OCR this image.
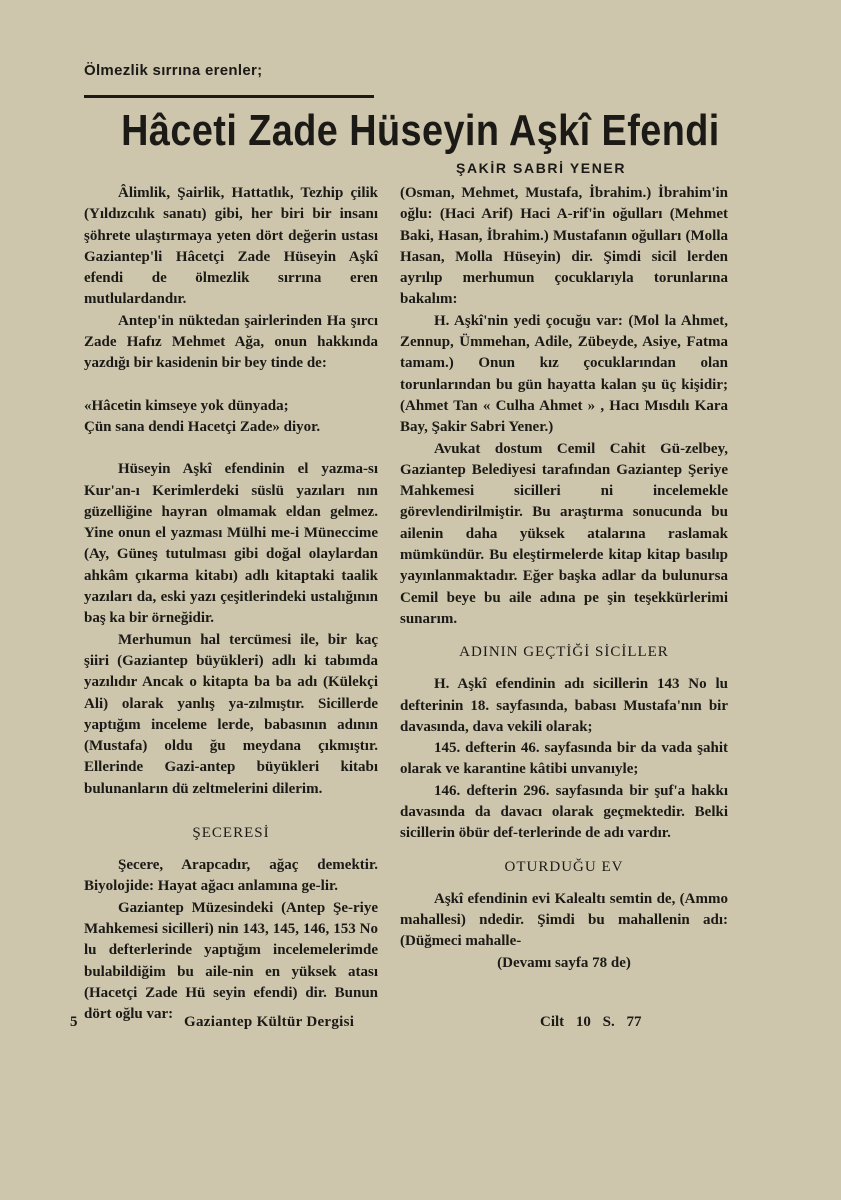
Ölmezlik sırrına erenler;
Hâceti Zade Hüseyin Aşkî Efendi
ŞAKİR SABRİ YENER

Âlimlik, Şairlik, Hattatlık, Tezhip çilik (Yıldızcılık sanatı) gibi, her biri bir insanı şöhrete ulaştırmaya yeten dört değerin ustası Gaziantep'li Hâcetçi Zade Hüseyin Aşkî efendi de ölmezlik sırrına eren mutlulardandır.

Antep'in nüktedan şairlerinden Ha şırcı Zade Hafız Mehmet Ağa, onun hakkında yazdığı bir kasidenin bir bey tinde de:

«Hâcetin kimseye yok dünyada;

Çün sana dendi Hacetçi Zade» diyor.

Hüseyin Aşkî efendinin el yazma-sı Kur'an-ı Kerimlerdeki süslü yazıları nın güzelliğine hayran olmamak eldan gelmez. Yine onun el yazması Mülhi me-i Müneccime (Ay, Güneş tutulması gibi doğal olaylardan ahkâm çıkarma kitabı) adlı kitaptaki taalik yazıları da, eski yazı çeşitlerindeki ustalığının baş ka bir örneğidir.

Merhumun hal tercümesi ile, bir kaç şiiri (Gaziantep büyükleri) adlı ki tabımda yazılıdır Ancak o kitapta ba ba adı (Külekçi Ali) olarak yanlış ya-zılmıştır. Sicillerde yaptığım inceleme lerde, babasının adının (Mustafa) oldu ğu meydana çıkmıştır. Ellerinde Gazi-antep büyükleri kitabı bulunanların dü zeltmelerini dilerim.

ŞECERESİ

Şecere, Arapcadır, ağaç demektir. Biyolojide: Hayat ağacı anlamına ge-lir.

Gaziantep Müzesindeki (Antep Şe-riye Mahkemesi sicilleri) nin 143, 145, 146, 153 No lu defterlerinde yaptığım incelemelerimde bulabildiğim bu aile-nin en yüksek atası (Hacetçi Zade Hü seyin efendi) dir. Bunun dört oğlu var:

(Osman, Mehmet, Mustafa, İbrahim.) İbrahim'in oğlu: (Haci Arif) Haci A-rif'in oğulları (Mehmet Baki, Hasan, İbrahim.) Mustafanın oğulları (Molla Hasan, Molla Hüseyin) dir. Şimdi sicil lerden ayrılıp merhumun çocuklarıyla torunlarına bakalım:

H. Aşkî'nin yedi çocuğu var: (Mol la Ahmet, Zennup, Ümmehan, Adile, Zübeyde, Asiye, Fatma tamam.) Onun kız çocuklarından olan torunlarından bu gün hayatta kalan şu üç kişidir; (Ahmet Tan « Culha Ahmet » , Hacı Mısdılı Kara Bay, Şakir Sabri Yener.)

Avukat dostum Cemil Cahit Gü-zelbey, Gaziantep Belediyesi tarafından Gaziantep Şeriye Mahkemesi sicilleri ni incelemekle görevlendirilmiştir. Bu araştırma sonucunda bu ailenin daha yüksek atalarına raslamak mümkündür. Bu eleştirmelerde kitap kitap basılıp yayınlanmaktadır. Eğer başka adlar da bulunursa Cemil beye bu aile adına pe şin teşekkürlerimi sunarım.

ADININ GEÇTİĞİ SİCİLLER

H. Aşkî efendinin adı sicillerin 143 No lu defterinin 18. sayfasında, babası Mustafa'nın bir davasında, dava vekili olarak;

145. defterin 46. sayfasında bir da vada şahit olarak ve karantine kâtibi unvanıyle;

146. defterin 296. sayfasında bir şuf'a hakkı davasında da davacı olarak geçmektedir. Belki sicillerin öbür def-terlerinde de adı vardır.

OTURDUĞU EV

Aşkî efendinin evi Kalealtı semtin de, (Ammo mahallesi) ndedir. Şimdi bu mahallenin adı: (Düğmeci mahalle-

(Devamı sayfa 78 de)

5	Gaziantep Kültür Dergisi	Cilt 10 S. 77
